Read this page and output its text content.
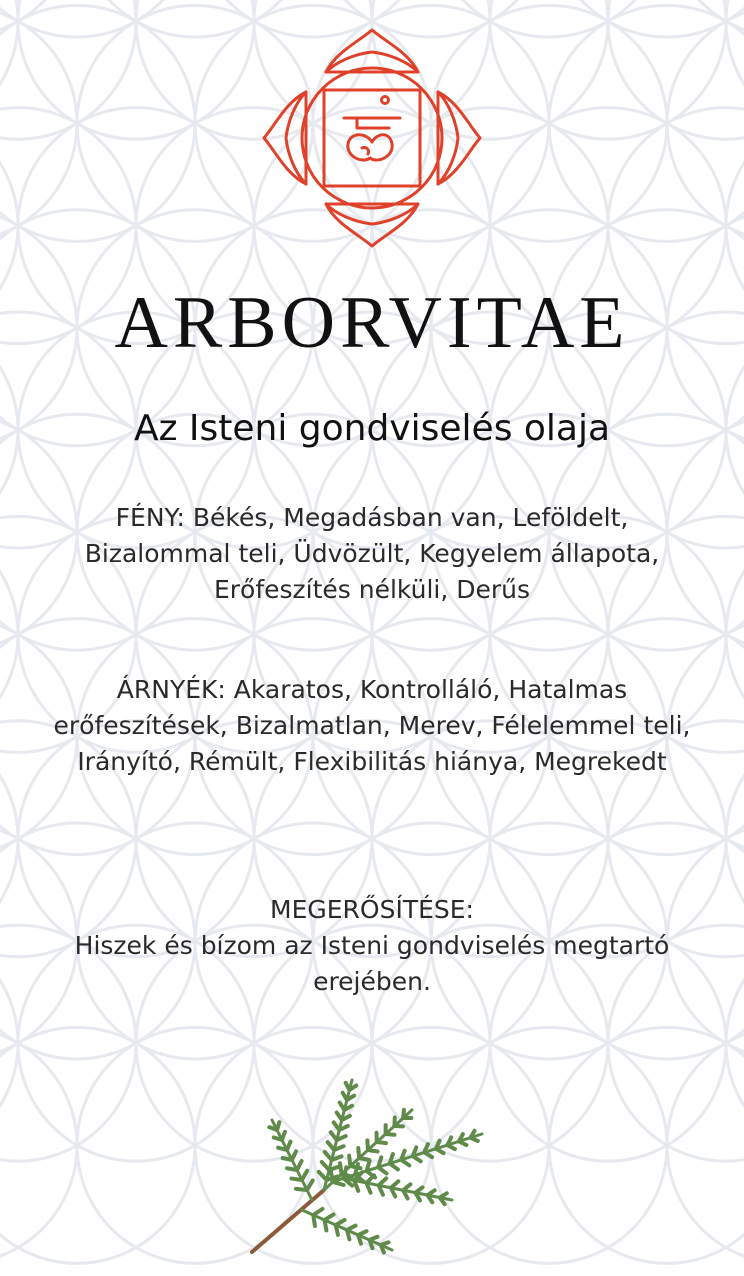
ARBORVITAE
Az Isteni gondviselés olaja
FÉNY: Békés, Megadásban van, Leföldelt, Bizalommal teli, Üdvözült, Kegyelem állapota, Erőfeszítés nélküli, Derűs
ÁRNYÉK: Akaratos, Kontrolláló, Hatalmas erőfeszítések, Bizalmatlan, Merev, Félelemmel teli, Irányító, Rémült, Flexibilitás hiánya, Megrekedt
MEGERŐSÍTÉSE:
Hiszek és bízom az Isteni gondviselés megtartó erejében.
